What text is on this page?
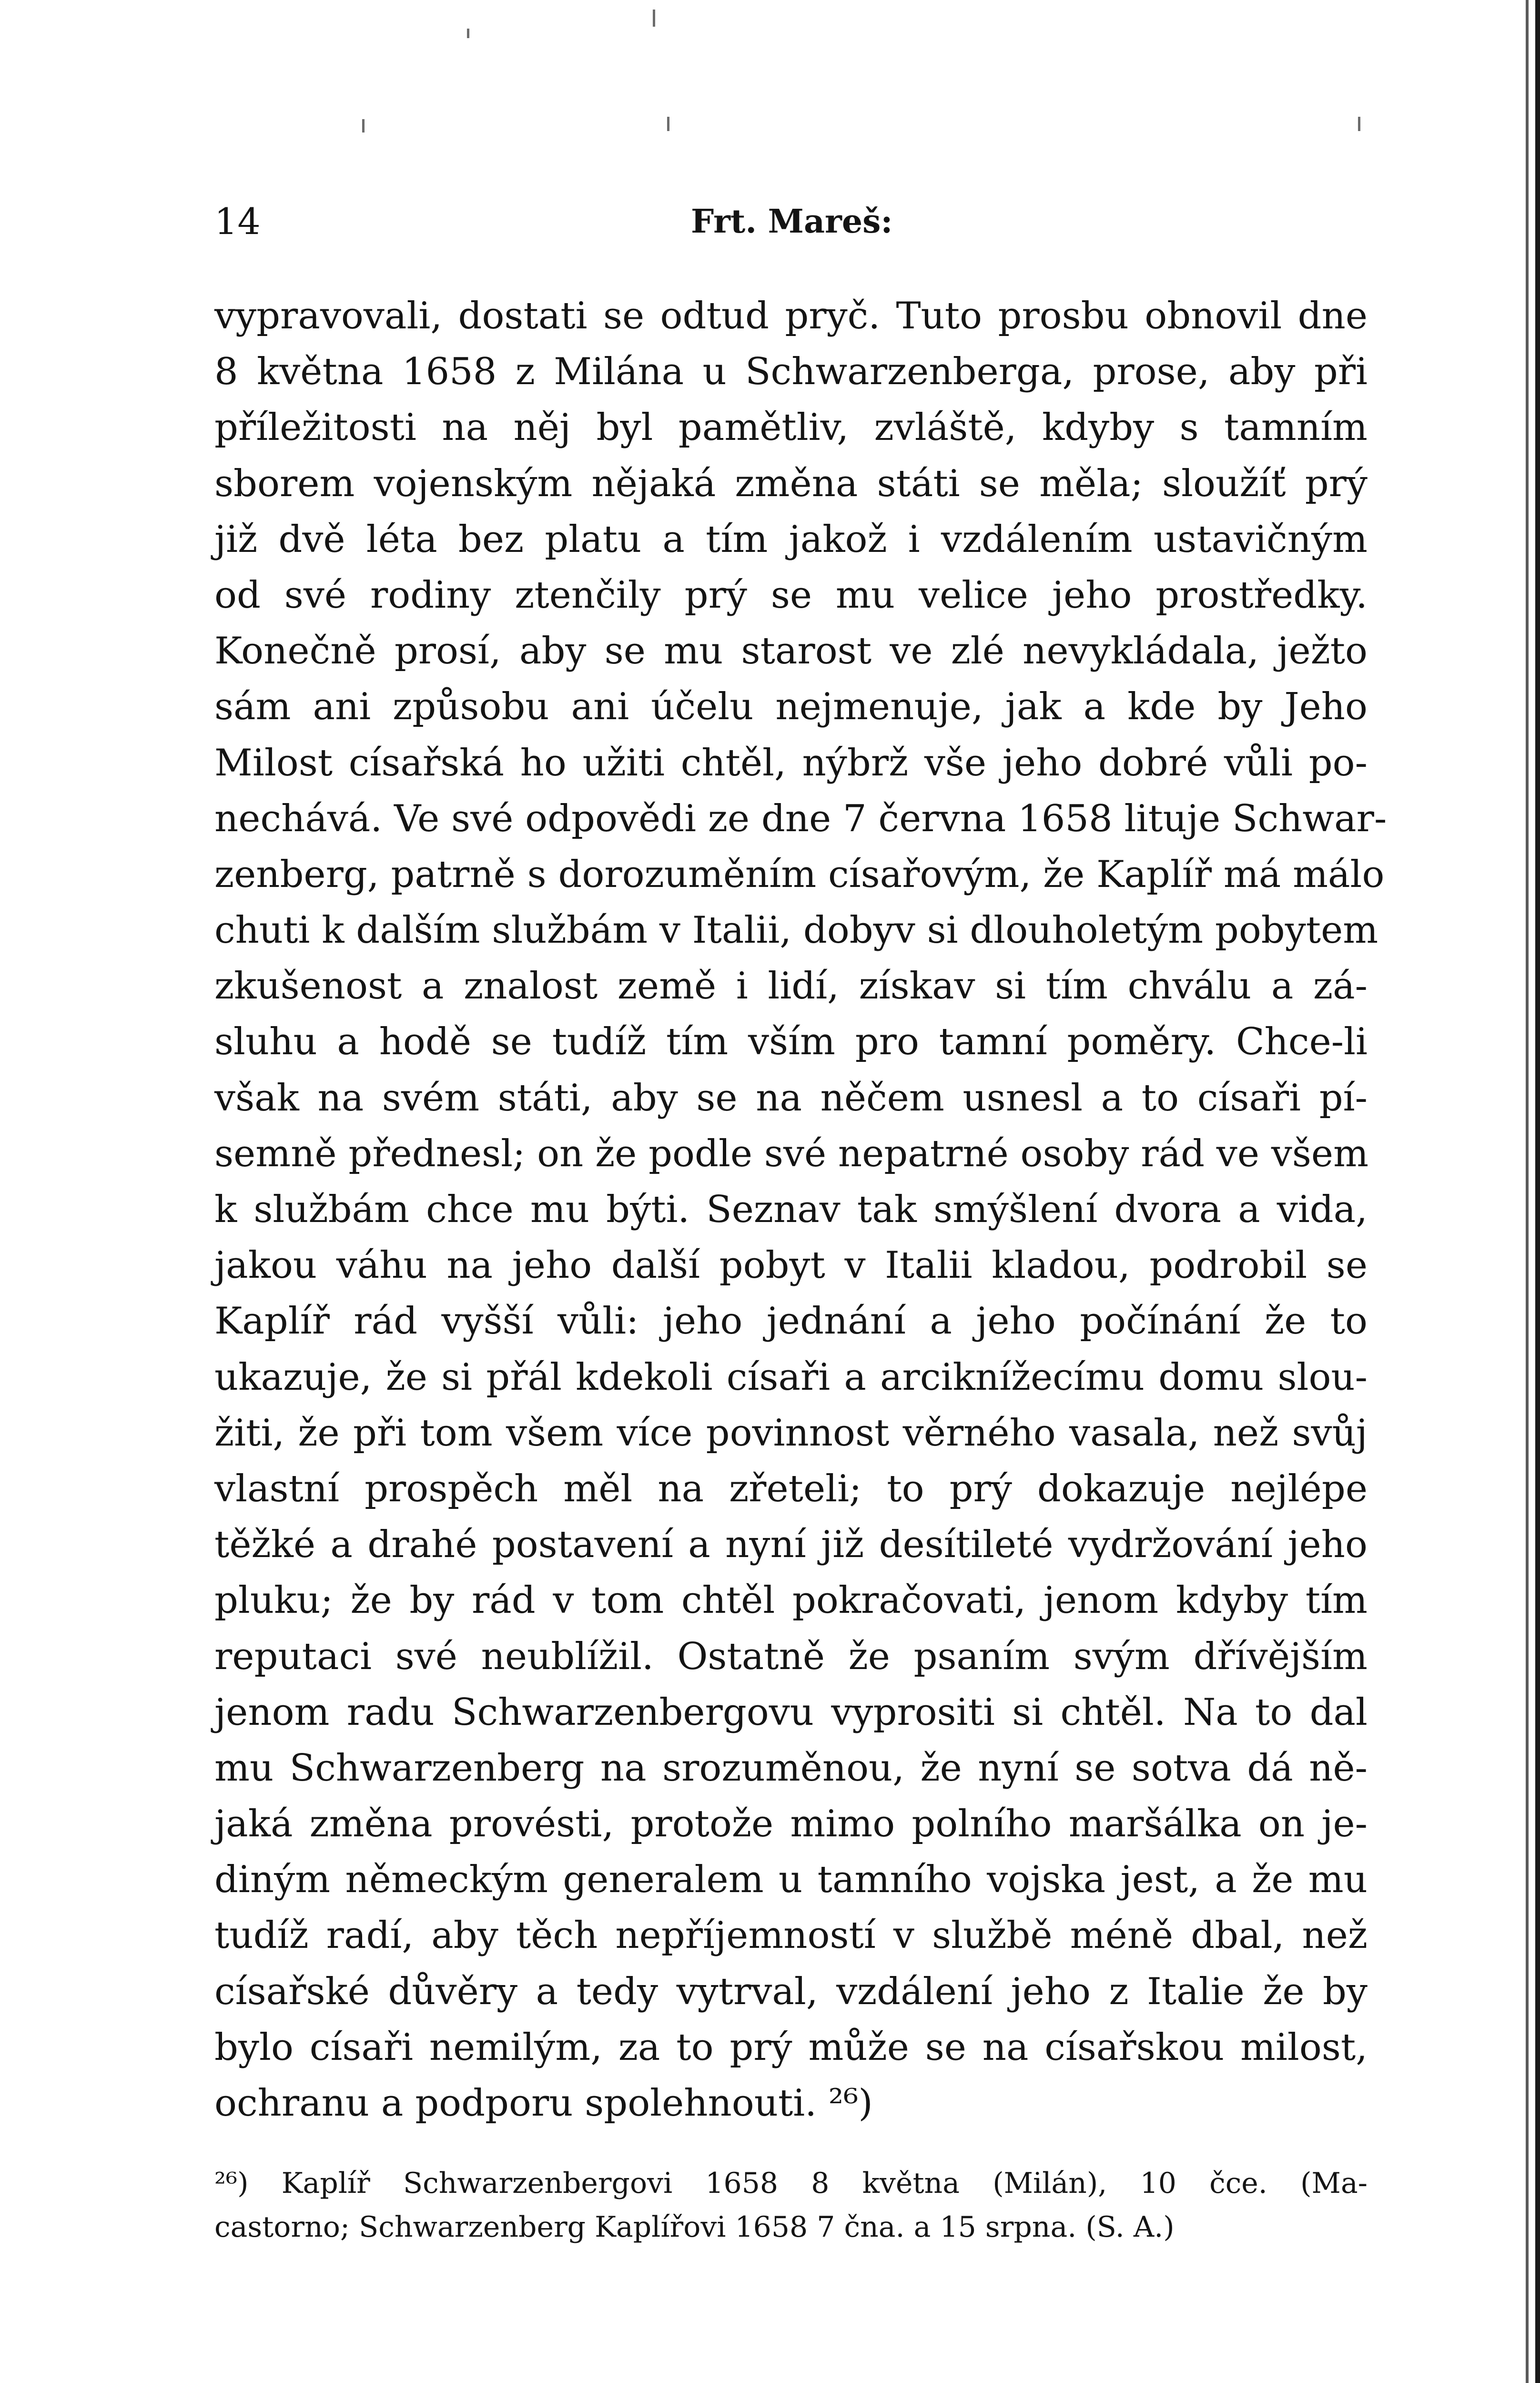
14	Frt. Mareš:
vypravovali, dostati se odtud pryč. Tuto prosbu obnovil dne
8 května 1658 z Milána u Schwarzenberga, prose, aby při
příležitosti na něj byl pamětliv, zvláště, kdyby s tamním
sborem vojenským nějaká změna státi se měla; sloužíť prý
již dvě léta bez platu a tím jakož i vzdálením ustavičným
od své rodiny ztenčily prý se mu velice jeho prostředky.
Konečně prosí, aby se mu starost ve zlé nevykládala, ježto
sám ani způsobu ani účelu nejmenuje, jak a kde by Jeho
Milost císařská ho užiti chtěl, nýbrž vše jeho dobré vůli po-
nechává. Ve své odpovědi ze dne 7 června 1658 lituje Schwar-
zenberg, patrně s dorozuměním císařovým, že Kaplíř má málo
chuti k dalším službám v Italii, dobyv si dlouholetým pobytem
zkušenost a znalost země i lidí, získav si tím chválu a zá-
sluhu a hodě se tudíž tím vším pro tamní poměry. Chce-li
však na svém státi, aby se na něčem usnesl a to císaři pí-
semně přednesl; on že podle své nepatrné osoby rád ve všem
k službám chce mu býti. Seznav tak smýšlení dvora a vida,
jakou váhu na jeho další pobyt v Italii kladou, podrobil se
Kaplíř rád vyšší vůli: jeho jednání a jeho počínání že to
ukazuje, že si přál kdekoli císaři a arciknížecímu domu slou-
žiti, že při tom všem více povinnost věrného vasala, než svůj
vlastní prospěch měl na zřeteli; to prý dokazuje nejlépe
těžké a drahé postavení a nyní již desítileté vydržování jeho
pluku; že by rád v tom chtěl pokračovati, jenom kdyby tím
reputaci své neublížil. Ostatně že psaním svým dřívějším
jenom radu Schwarzenbergovu vyprositi si chtěl. Na to dal
mu Schwarzenberg na srozuměnou, že nyní se sotva dá ně-
jaká změna provésti, protože mimo polního maršálka on je-
diným německým generalem u tamního vojska jest, a že mu
tudíž radí, aby těch nepříjemností v službě méně dbal, než
císařské důvěry a tedy vytrval, vzdálení jeho z Italie že by
bylo císaři nemilým, za to prý může se na císařskou milost,
ochranu a podporu spolehnouti. ²⁶)
²⁶) Kaplíř Schwarzenbergovi 1658 8 května (Milán), 10 čce. (Ma-
castorno; Schwarzenberg Kaplířovi 1658 7 čna. a 15 srpna. (S. A.)
